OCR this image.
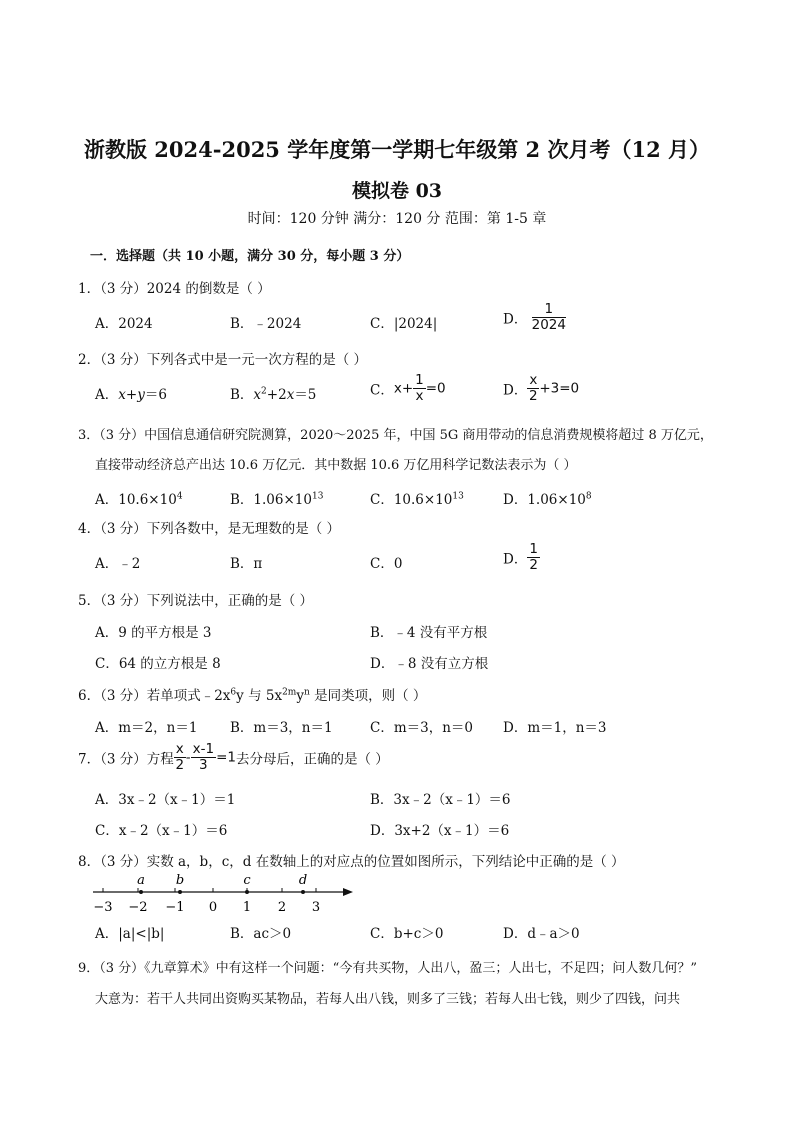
浙教版 2024-2025 学年度第一学期七年级第 2 次月考（12 月）
模拟卷 03
时间：120 分钟 满分：120 分 范围：第 1-5 章
一．选择题（共 10 小题，满分 30 分，每小题 3 分）
1．（3 分）2024 的倒数是（ ）
A．2024	B．﹣2024	C．|2024|	D． $\frac{1}{2024}$
2．（3 分）下列各式中是一元一次方程的是（ ）
A．x+y＝6	B．$x^2+2x=5$	C．$x+ \frac{1}{x} =0$	D． $\frac{x}{2} +3=0$
3．（3 分）中国信息通信研究院测算，2020～2025 年，中国 5G 商用带动的信息消费规模将超过 8 万亿元，
直接带动经济总产出达 10.6 万亿元．其中数据 10.6 万亿用科学记数法表示为（ ）
A．$10.6\times 10^4$	B．$1.06\times 10^{13}$	C．$10.6\times 10^{13}$	D．$1.06\times 10^8$
4．（3 分）下列各数中，是无理数的是（ ）
A．﹣2	B．π	C．0	D． $\frac{1}{2}$
5．（3 分）下列说法中，正确的是（ ）
A．9 的平方根是 3	B．﹣4 没有平方根
C．64 的立方根是 8	D．﹣8 没有立方根
6．（3 分）若单项式$﹣2x^6y$ 与 $5x^{2m}y^n$ 是同类项，则（ ）
A．m＝2，n＝1 B．m＝3，n＝1	C．m＝3，n＝0 D．m＝1，n＝3
7．（3 分）方程 $\frac{x}{2} - \frac{x-1}{3} =1$去分母后，正确的是（ ）
A．3x﹣2（x﹣1）＝1	B．3x﹣2（x﹣1）＝6
C．x﹣2（x﹣1）＝6	D．3x+2（x﹣1）＝6
8．（3 分）实数 a，b，c，d 在数轴上的对应点的位置如图所示，下列结论中正确的是（ ）
−3 −2 −1 0 1 2 3
a b	c	d
A．|a|<|b|	B．ac＞0	C．b+c＞0	D．d﹣a＞0
9．（3 分）《九章算术》中有这样一个问题：“今有共买物，人出八，盈三；人出七，不足四；问人数几何？”
大意为：若干人共同出资购买某物品，若每人出八钱，则多了三钱；若每人出七钱，则少了四钱，问共
